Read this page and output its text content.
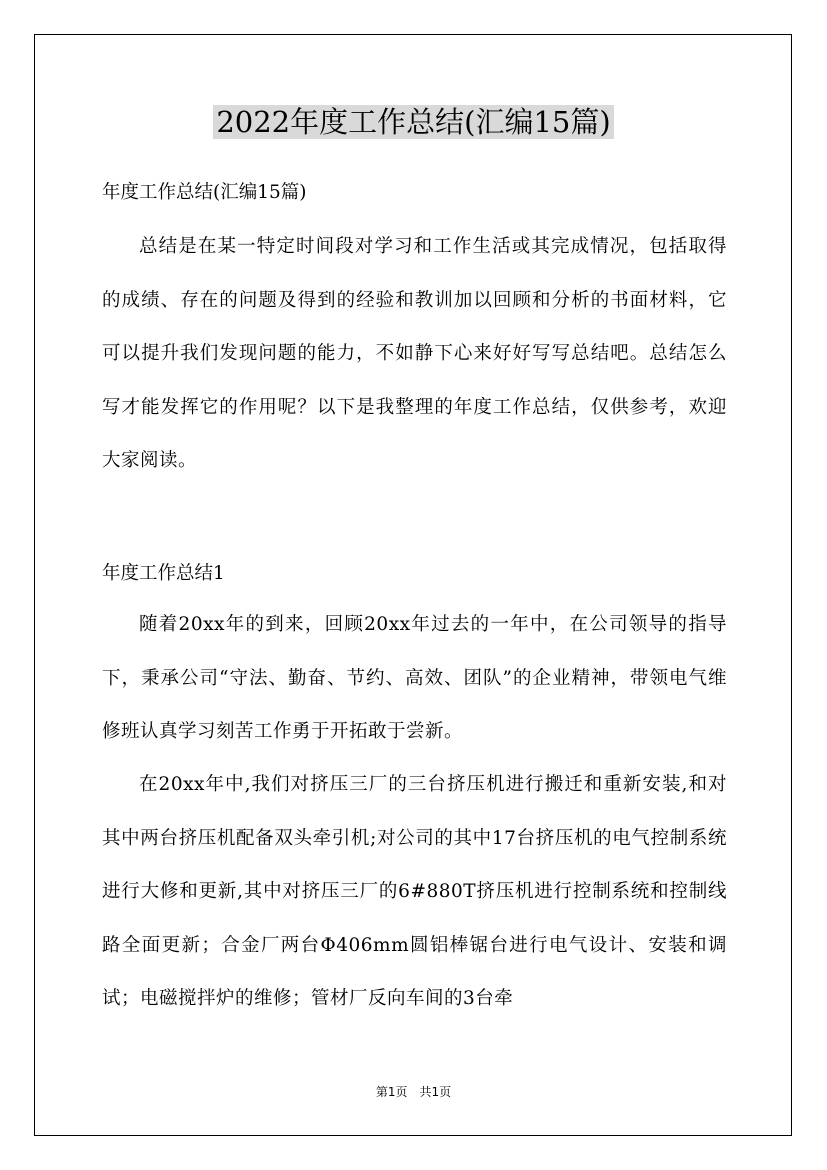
2022年度工作总结(汇编15篇)
年度工作总结(汇编15篇)

总结是在某一特定时间段对学习和工作生活或其完成情况，包括取得的成绩、存在的问题及得到的经验和教训加以回顾和分析的书面材料，它可以提升我们发现问题的能力，不如静下心来好好写写总结吧。总结怎么写才能发挥它的作用呢？以下是我整理的年度工作总结，仅供参考，欢迎大家阅读。

年度工作总结1

随着20xx年的到来，回顾20xx年过去的一年中，在公司领导的指导下，秉承公司“守法、勤奋、节约、高效、团队”的企业精神，带领电气维修班认真学习刻苦工作勇于开拓敢于尝新。

在20xx年中,我们对挤压三厂的三台挤压机进行搬迁和重新安装,和对其中两台挤压机配备双头牵引机;对公司的其中17台挤压机的电气控制系统进行大修和更新,其中对挤压三厂的6#880T挤压机进行控制系统和控制线路全面更新；合金厂两台Φ406mm圆铝棒锯台进行电气设计、安装和调试；电磁搅拌炉的维修；管材厂反向车间的3台牵

第1页　共1页
